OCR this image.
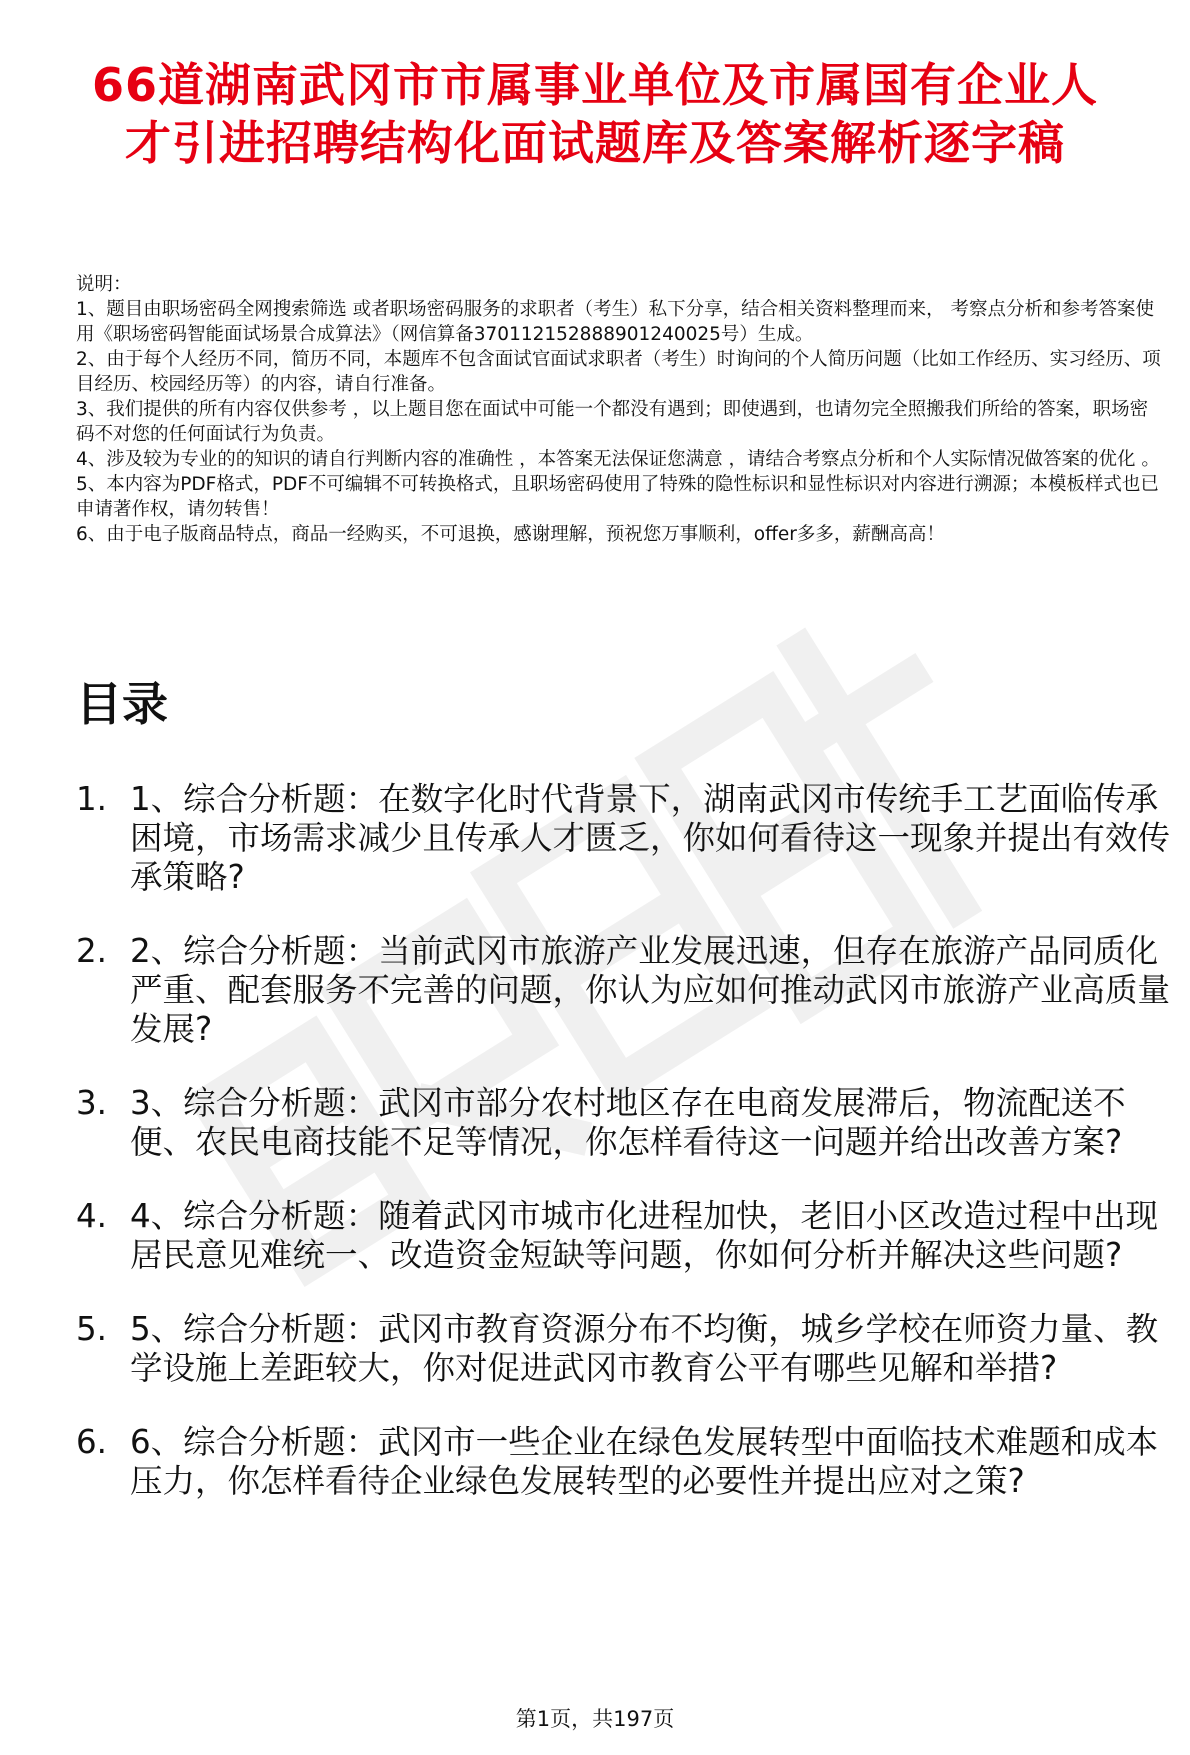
66道湖南武冈市市属事业单位及市属国有企业人才引进招聘结构化面试题库及答案解析逐字稿

说明：

1、题目由职场密码全网搜索筛选 或者职场密码服务的求职者（考生）私下分享，结合相关资料整理而来， 考察点分析和参考答案使用《职场密码智能面试场景合成算法》（网信算备370112152888901240025号）生成。

2、由于每个人经历不同，简历不同，本题库不包含面试官面试求职者（考生）时询问的个人简历问题（比如工作经历、实习经历、项目经历、校园经历等）的内容，请自行准备。

3、我们提供的所有内容仅供参考 ，以上题目您在面试中可能一个都没有遇到；即使遇到，也请勿完全照搬我们所给的答案，职场密码不对您的任何面试行为负责。

4、涉及较为专业的的知识的请自行判断内容的准确性 ，本答案无法保证您满意 ，请结合考察点分析和个人实际情况做答案的优化 。

5、本内容为PDF格式，PDF不可编辑不可转换格式，且职场密码使用了特殊的隐性标识和显性标识对内容进行溯源；本模板样式也已申请著作权，请勿转售！

6、由于电子版商品特点，商品一经购买，不可退换，感谢理解，预祝您万事顺利，offer多多，薪酬高高！

目录
1. 1、综合分析题：在数字化时代背景下，湖南武冈市传统手工艺面临传承困境，市场需求减少且传承人才匮乏，你如何看待这一现象并提出有效传承策略?
2. 2、综合分析题：当前武冈市旅游产业发展迅速，但存在旅游产品同质化严重、配套服务不完善的问题，你认为应如何推动武冈市旅游产业高质量发展?
3. 3、综合分析题：武冈市部分农村地区存在电商发展滞后，物流配送不便、农民电商技能不足等情况，你怎样看待这一问题并给出改善方案?
4. 4、综合分析题：随着武冈市城市化进程加快，老旧小区改造过程中出现居民意见难统一、改造资金短缺等问题，你如何分析并解决这些问题?
5. 5、综合分析题：武冈市教育资源分布不均衡，城乡学校在师资力量、教学设施上差距较大，你对促进武冈市教育公平有哪些见解和举措?
6. 6、综合分析题：武冈市一些企业在绿色发展转型中面临技术难题和成本压力，你怎样看待企业绿色发展转型的必要性并提出应对之策?
第1页，共197页
